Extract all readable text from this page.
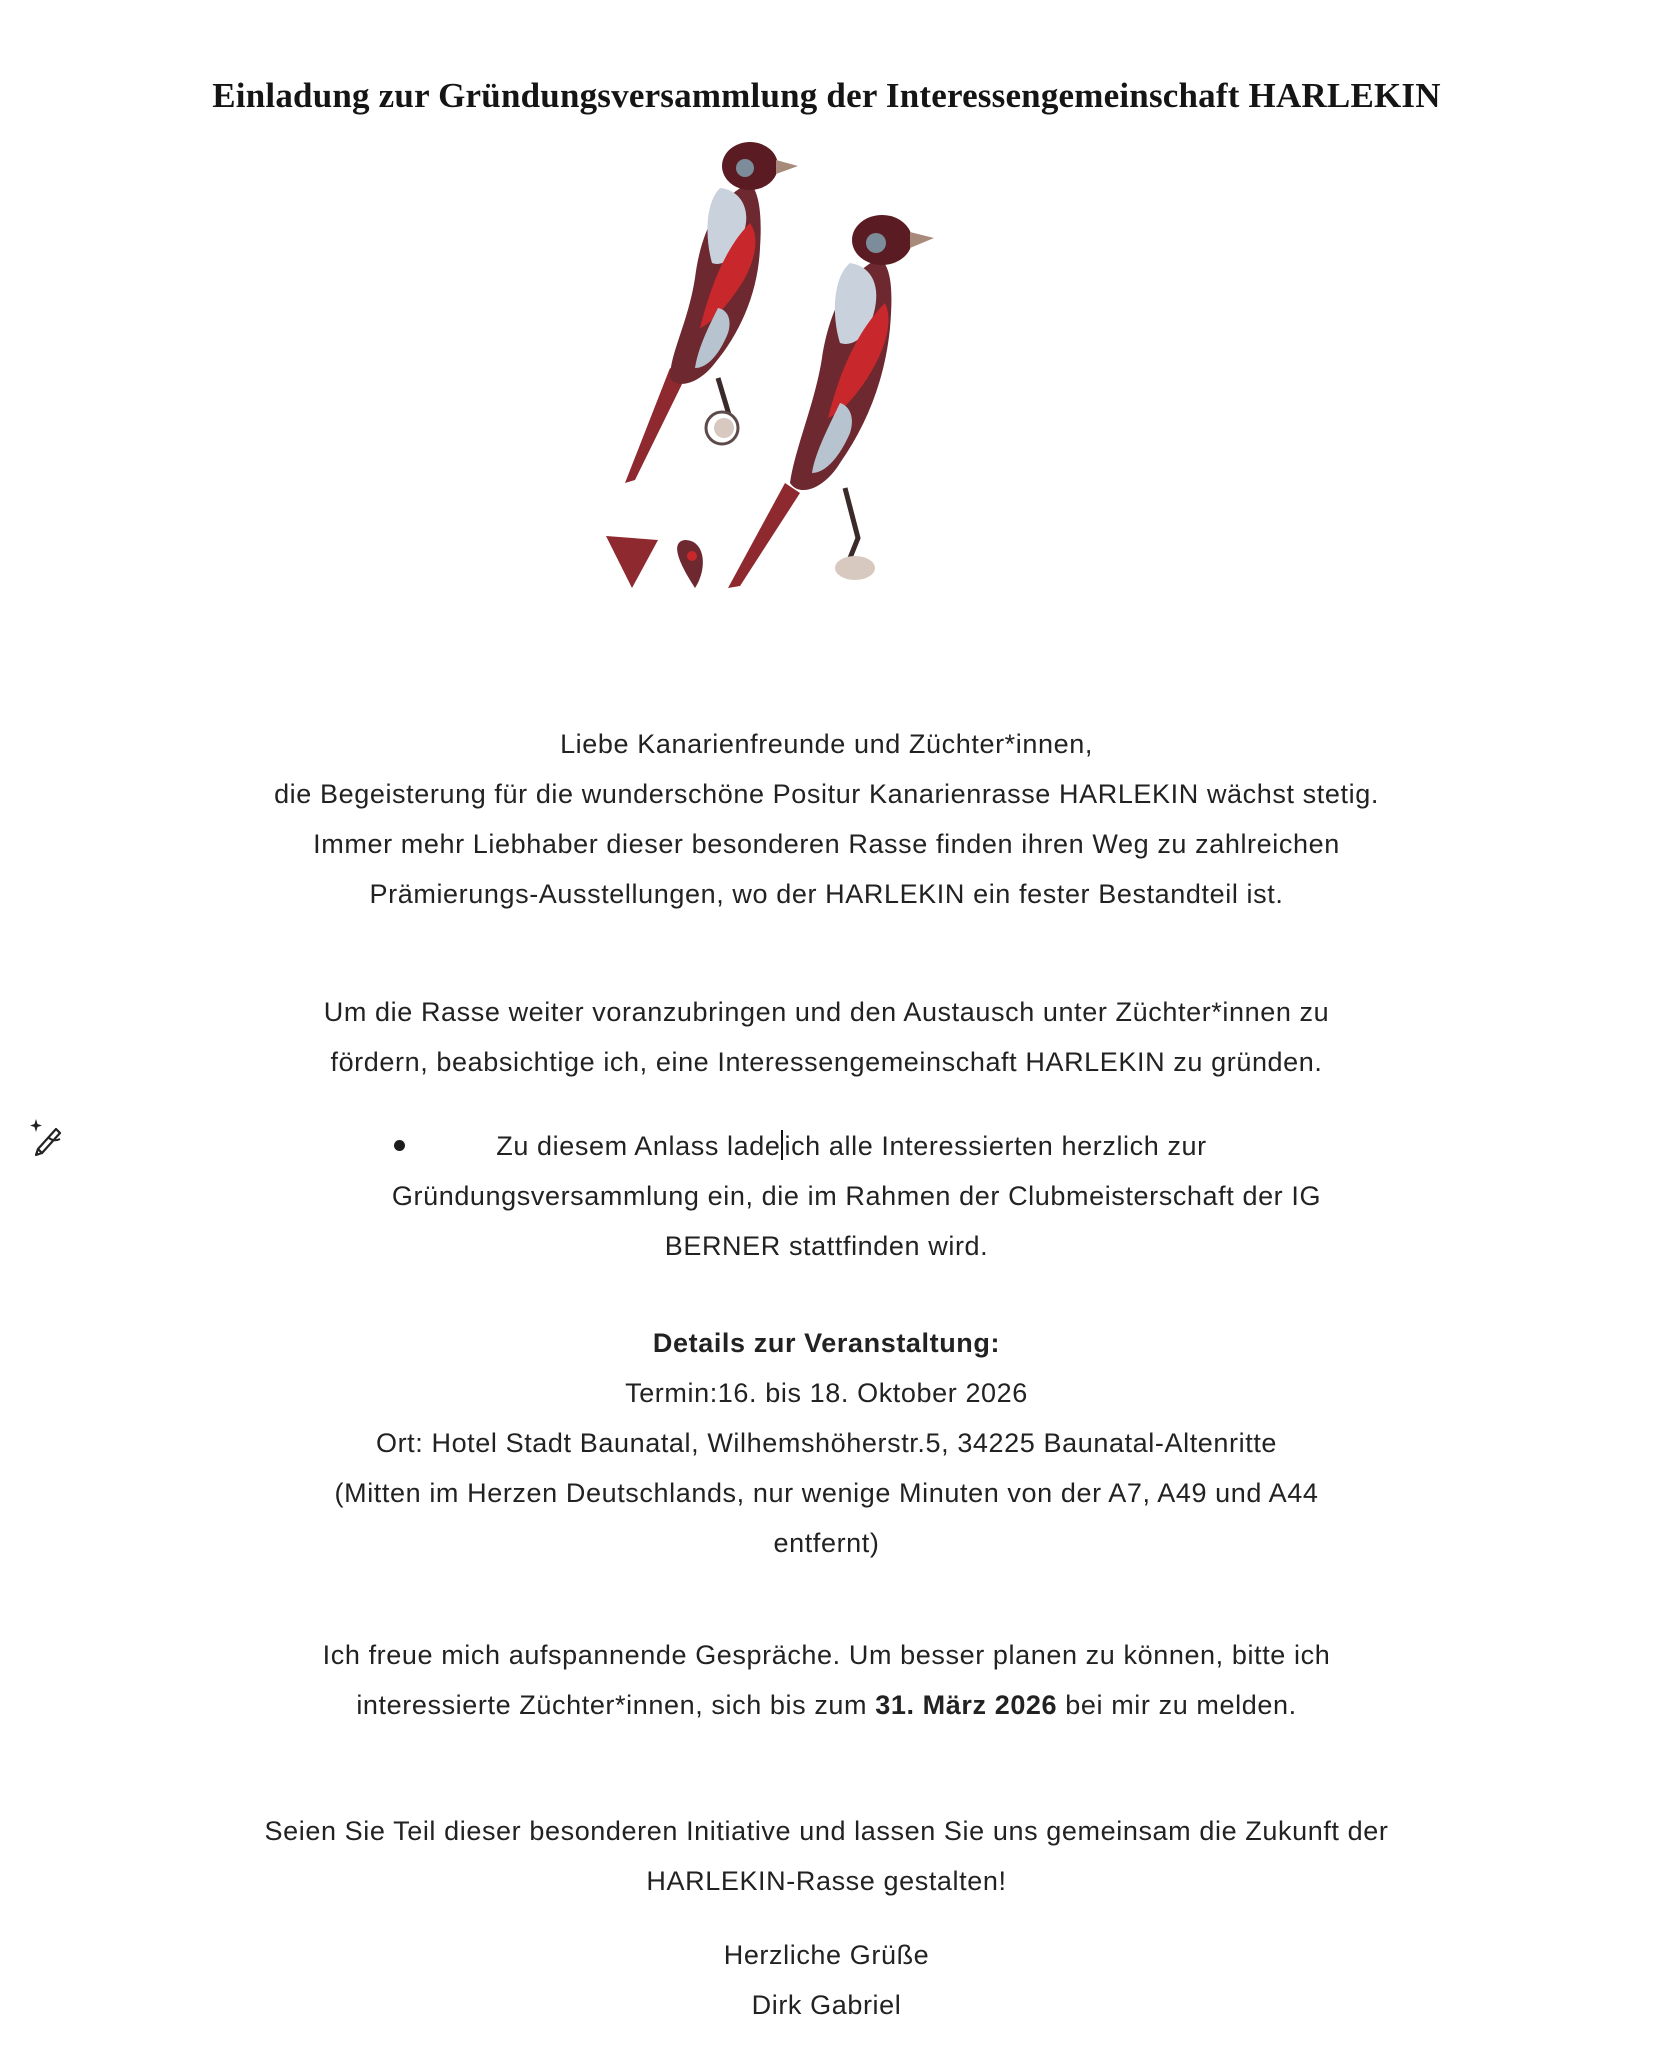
Einladung zur Gründungsversammlung der Interessengemeinschaft HARLEKIN
Liebe Kanarienfreunde und Züchter*innen,
die Begeisterung für die wunderschöne Positur Kanarienrasse HARLEKIN wächst stetig.
Immer mehr Liebhaber dieser besonderen Rasse finden ihren Weg zu zahlreichen
Prämierungs-Ausstellungen, wo der HARLEKIN ein fester Bestandteil ist.
Um die Rasse weiter voranzubringen und den Austausch unter Züchter*innen zu
fördern, beabsichtige ich, eine Interessengemeinschaft HARLEKIN zu gründen.
Zu diesem Anlass lade ich alle Interessierten herzlich zur
Gründungsversammlung ein, die im Rahmen der Clubmeisterschaft der IG
BERNER stattfinden wird.
Details zur Veranstaltung:
Termin:16. bis 18. Oktober 2026
Ort: Hotel Stadt Baunatal, Wilhemshöherstr.5, 34225 Baunatal-Altenritte
(Mitten im Herzen Deutschlands, nur wenige Minuten von der A7, A49 und A44
entfernt)
Ich freue mich aufspannende Gespräche. Um besser planen zu können, bitte ich
interessierte Züchter*innen, sich bis zum 31. März 2026 bei mir zu melden.
Seien Sie Teil dieser besonderen Initiative und lassen Sie uns gemeinsam die Zukunft der
HARLEKIN-Rasse gestalten!
Herzliche Grüße
Dirk Gabriel
